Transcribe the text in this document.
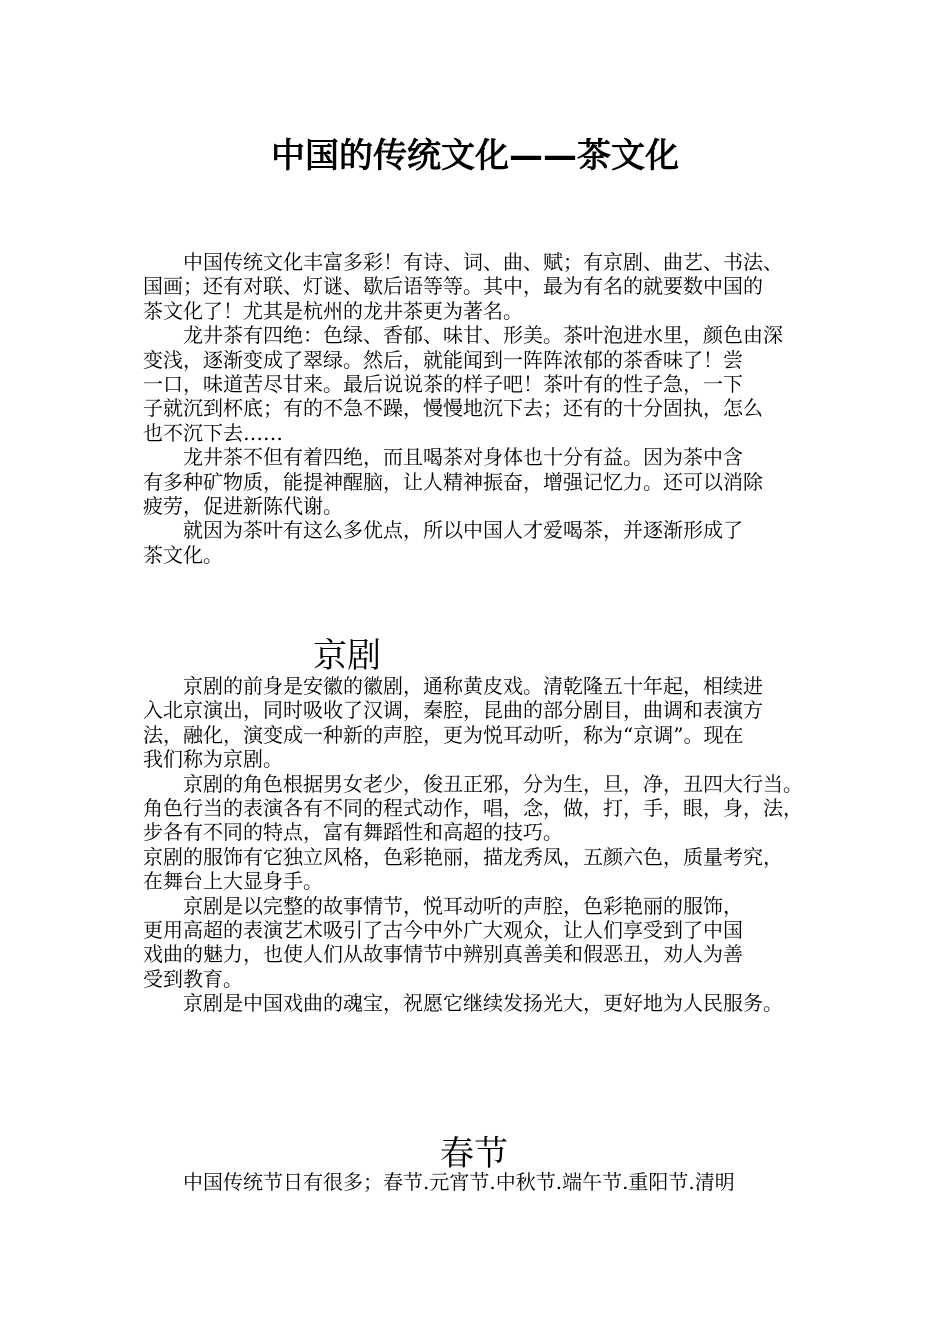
中国的传统文化——茶文化
　　中国传统文化丰富多彩！有诗、词、曲、赋；有京剧、曲艺、书法、
国画；还有对联、灯谜、歇后语等等。其中，最为有名的就要数中国的
茶文化了！尤其是杭州的龙井茶更为著名。
　　龙井茶有四绝：色绿、香郁、味甘、形美。茶叶泡进水里，颜色由深
变浅，逐渐变成了翠绿。然后，就能闻到一阵阵浓郁的茶香味了！尝
一口，味道苦尽甘来。最后说说茶的样子吧！茶叶有的性子急，一下
子就沉到杯底；有的不急不躁，慢慢地沉下去；还有的十分固执，怎么
也不沉下去……
　　龙井茶不但有着四绝，而且喝茶对身体也十分有益。因为茶中含
有多种矿物质，能提神醒脑，让人精神振奋，增强记忆力。还可以消除
疲劳，促进新陈代谢。
　　就因为茶叶有这么多优点，所以中国人才爱喝茶，并逐渐形成了
茶文化。
京剧
　　京剧的前身是安徽的徽剧，通称黄皮戏。清乾隆五十年起，相续进
入北京演出，同时吸收了汉调，秦腔，昆曲的部分剧目，曲调和表演方
法，融化，演变成一种新的声腔，更为悦耳动听，称为“京调”。现在
我们称为京剧。
　　京剧的角色根据男女老少，俊丑正邪，分为生，旦，净，丑四大行当。
角色行当的表演各有不同的程式动作，唱，念，做，打，手，眼，身，法，
步各有不同的特点，富有舞蹈性和高超的技巧。
京剧的服饰有它独立风格，色彩艳丽，描龙秀凤，五颜六色，质量考究，
在舞台上大显身手。
　　京剧是以完整的故事情节，悦耳动听的声腔，色彩艳丽的服饰，
更用高超的表演艺术吸引了古今中外广大观众，让人们享受到了中国
戏曲的魅力，也使人们从故事情节中辨别真善美和假恶丑，劝人为善
受到教育。
　　京剧是中国戏曲的魂宝，祝愿它继续发扬光大，更好地为人民服务。
春节
　　中国传统节日有很多；春节.元宵节.中秋节.端午节.重阳节.清明
